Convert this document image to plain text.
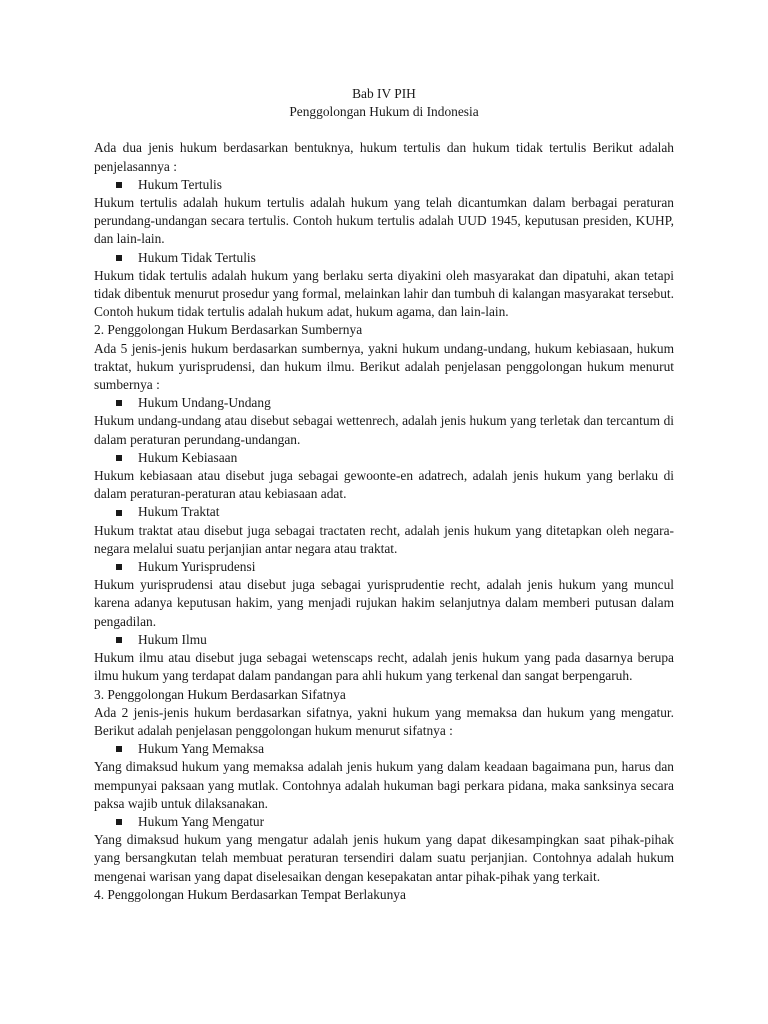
Bab IV PIH
Penggolongan Hukum di Indonesia

Ada dua jenis hukum berdasarkan bentuknya, hukum tertulis dan hukum tidak tertulis Berikut adalah penjelasannya :

Hukum Tertulis

Hukum tertulis adalah hukum tertulis adalah hukum yang telah dicantumkan dalam berbagai peraturan perundang-undangan secara tertulis. Contoh hukum tertulis adalah UUD 1945, keputusan presiden, KUHP, dan lain-lain.

Hukum Tidak Tertulis

Hukum tidak tertulis adalah hukum yang berlaku serta diyakini oleh masyarakat dan dipatuhi, akan tetapi tidak dibentuk menurut prosedur yang formal, melainkan lahir dan tumbuh di kalangan masyarakat tersebut. Contoh hukum tidak tertulis adalah hukum adat, hukum agama, dan lain-lain.

2. Penggolongan Hukum Berdasarkan Sumbernya

Ada 5 jenis-jenis hukum berdasarkan sumbernya, yakni hukum undang-undang, hukum kebiasaan, hukum traktat, hukum yurisprudensi, dan hukum ilmu. Berikut adalah penjelasan penggolongan hukum menurut sumbernya :

Hukum Undang-Undang

Hukum undang-undang atau disebut sebagai wettenrech, adalah jenis hukum yang terletak dan tercantum di dalam peraturan perundang-undangan.

Hukum Kebiasaan

Hukum kebiasaan atau disebut juga sebagai gewoonte-en adatrech, adalah jenis hukum yang berlaku di dalam peraturan-peraturan atau kebiasaan adat.

Hukum Traktat

Hukum traktat atau disebut juga sebagai tractaten recht, adalah jenis hukum yang ditetapkan oleh negara-negara melalui suatu perjanjian antar negara atau traktat.

Hukum Yurisprudensi

Hukum yurisprudensi atau disebut juga sebagai yurisprudentie recht, adalah jenis hukum yang muncul karena adanya keputusan hakim, yang menjadi rujukan hakim selanjutnya dalam memberi putusan dalam pengadilan.

Hukum Ilmu

Hukum ilmu atau disebut juga sebagai wetenscaps recht, adalah jenis hukum yang pada dasarnya berupa ilmu hukum yang terdapat dalam pandangan para ahli hukum yang terkenal dan sangat berpengaruh.

3. Penggolongan Hukum Berdasarkan Sifatnya

Ada 2 jenis-jenis hukum berdasarkan sifatnya, yakni hukum yang memaksa dan hukum yang mengatur. Berikut adalah penjelasan penggolongan hukum menurut sifatnya :

Hukum Yang Memaksa

Yang dimaksud hukum yang memaksa adalah jenis hukum yang dalam keadaan bagaimana pun, harus dan mempunyai paksaan yang mutlak. Contohnya adalah hukuman bagi perkara pidana, maka sanksinya secara paksa wajib untuk dilaksanakan.

Hukum Yang Mengatur

Yang dimaksud hukum yang mengatur adalah jenis hukum yang dapat dikesampingkan saat pihak-pihak yang bersangkutan telah membuat peraturan tersendiri dalam suatu perjanjian. Contohnya adalah hukum mengenai warisan yang dapat diselesaikan dengan kesepakatan antar pihak-pihak yang terkait.

4. Penggolongan Hukum Berdasarkan Tempat Berlakunya
